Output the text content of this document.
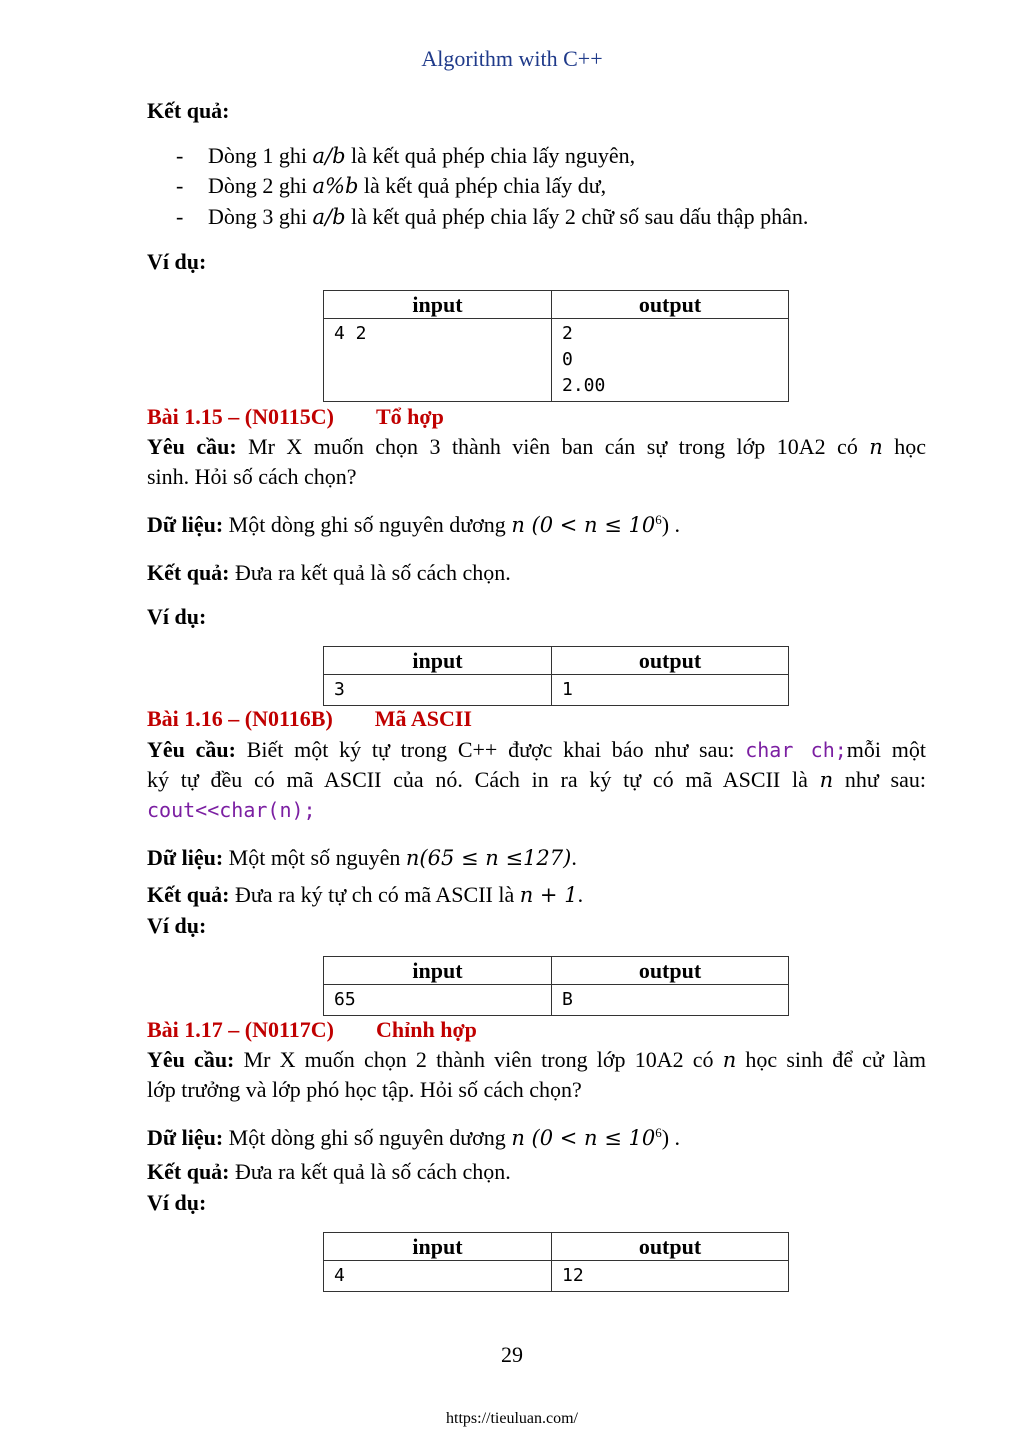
Algorithm with C++
Kết quả:
- Dòng 1 ghi a/b là kết quả phép chia lấy nguyên,
- Dòng 2 ghi a%b là kết quả phép chia lấy dư,
- Dòng 3 ghi a/b là kết quả phép chia lấy 2 chữ số sau dấu thập phân.
Ví dụ:
input	output
4 2	2
0
2.00
Bài 1.15 – (N0115C) Tổ hợp
Yêu cầu: Mr X muốn chọn 3 thành viên ban cán sự trong lớp 10A2 có n học
sinh. Hỏi số cách chọn?
Dữ liệu: Một dòng ghi số nguyên dương n $(0 < n \le 10^6)$ .
Kết quả: Đưa ra kết quả là số cách chọn.
Ví dụ:
input	output
3	1
Bài 1.16 – (N0116B) Mã ASCII
Yêu cầu: Biết một ký tự trong C++ được khai báo như sau: char ch;mỗi một
ký tự đều có mã ASCII của nó. Cách in ra ký tự có mã ASCII là n như sau:
cout<<char(n);
Dữ liệu: Một một số nguyên n(65 ≤ n ≤127).
Kết quả: Đưa ra ký tự ch có mã ASCII là n + 1.
Ví dụ:
input	output
65	B
Bài 1.17 – (N0117C) Chỉnh hợp
Yêu cầu: Mr X muốn chọn 2 thành viên trong lớp 10A2 có n học sinh để cử làm
lớp trưởng và lớp phó học tập. Hỏi số cách chọn?
Dữ liệu: Một dòng ghi số nguyên dương n $(0 < n \le 10^6)$ .
Kết quả: Đưa ra kết quả là số cách chọn.
Ví dụ:
input	output
4	12
29
https://tieuluan.com/
